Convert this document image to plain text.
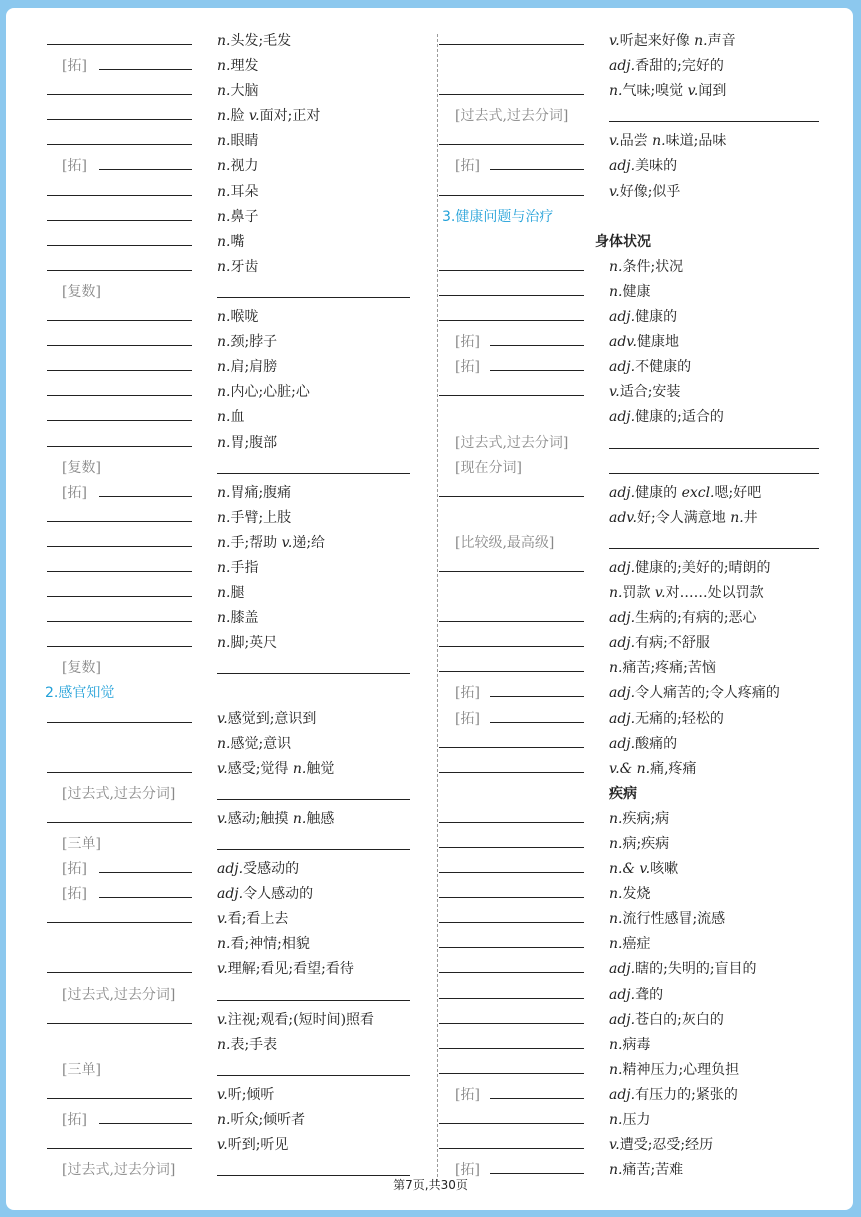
n.头发;毛发
[拓]	n.理发
n.大脑
n.脸 v.面对;正对
n.眼睛
[拓]	n.视力
n.耳朵
n.鼻子
n.嘴
n.牙齿
[复数]
n.喉咙
n.颈;脖子
n.肩;肩膀
n.内心;心脏;心
n.血
n.胃;腹部
[复数]
[拓]	n.胃痛;腹痛
n.手臂;上肢
n.手;帮助 v.递;给
n.手指
n.腿
n.膝盖
n.脚;英尺
[复数]
2.感官知觉
v.感觉到;意识到
n.感觉;意识
v.感受;觉得 n.触觉
[过去式,过去分词]
v.感动;触摸 n.触感
[三单]
[拓]	adj.受感动的
[拓]	adj.令人感动的
v.看;看上去
n.看;神情;相貌
v.理解;看见;看望;看待
[过去式,过去分词]
v.注视;观看;(短时间)照看
n.表;手表
[三单]
v.听;倾听
[拓]	n.听众;倾听者
v.听到;听见
[过去式,过去分词]
v.听起来好像 n.声音
adj.香甜的;完好的
n.气味;嗅觉 v.闻到
[过去式,过去分词]
v.品尝 n.味道;品味
[拓]	adj.美味的
v.好像;似乎
3.健康问题与治疗
身体状况
n.条件;状况
n.健康
adj.健康的
[拓]	adv.健康地
[拓]	adj.不健康的
v.适合;安装
adj.健康的;适合的
[过去式,过去分词]
[现在分词]
adj.健康的 excl.嗯;好吧
adv.好;令人满意地 n.井
[比较级,最高级]
adj.健康的;美好的;晴朗的
n.罚款 v.对……处以罚款
adj.生病的;有病的;恶心
adj.有病;不舒服
n.痛苦;疼痛;苦恼
[拓]	adj.令人痛苦的;令人疼痛的
[拓]	adj.无痛的;轻松的
adj.酸痛的
v.& n.痛,疼痛
疾病
n.疾病;病
n.病;疾病
n.& v.咳嗽
n.发烧
n.流行性感冒;流感
n.癌症
adj.瞎的;失明的;盲目的
adj.聋的
adj.苍白的;灰白的
n.病毒
n.精神压力;心理负担
[拓]	adj.有压力的;紧张的
n.压力
v.遭受;忍受;经历
[拓]	n.痛苦;苦难
第7页,共30页
